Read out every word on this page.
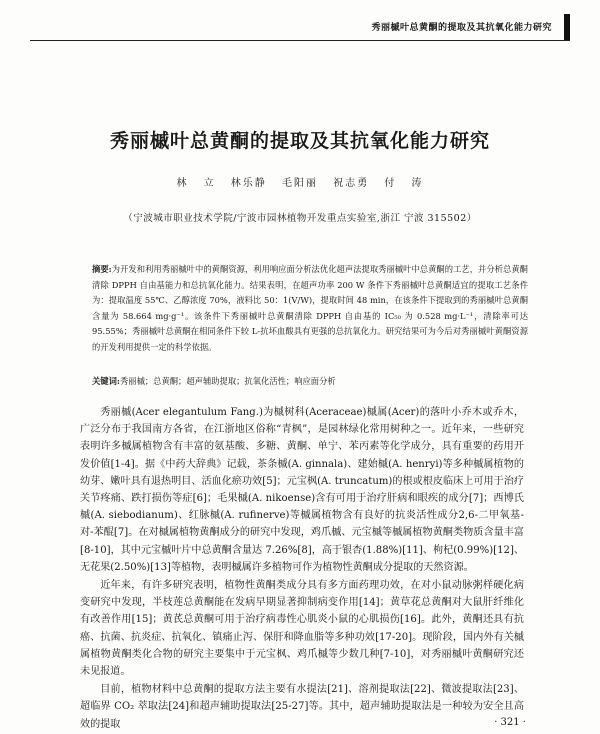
秀丽槭叶总黄酮的提取及其抗氧化能力研究
秀丽槭叶总黄酮的提取及其抗氧化能力研究
林 立 林乐静 毛阳丽 祝志勇 付 涛
（宁波城市职业技术学院/宁波市园林植物开发重点实验室,浙江 宁波 315502）
摘要:为开发和利用秀丽槭叶中的黄酮资源，利用响应面分析法优化超声法提取秀丽槭叶中总黄酮的工艺，并分析总黄酮清除 DPPH 自由基能力和总抗氧化能力。结果表明，在超声功率 200 W 条件下秀丽槭叶总黄酮适宜的提取工艺条件为：提取温度 55℃、乙醇浓度 70%，液料比 50：1(V/W)，提取时间 48 min，在该条件下提取到的秀丽槭叶总黄酮含量为 58.664 mg·g⁻¹。该条件下秀丽槭叶总黄酮清除 DPPH 自由基的 IC₅₀ 为 0.528 mg·L⁻¹，清除率可达 95.55%；秀丽槭叶总黄酮在相同条件下较 L-抗坏血酸具有更强的总抗氧化力。研究结果可为今后对秀丽槭叶黄酮资源的开发利用提供一定的科学依据。
关键词:秀丽槭；总黄酮；超声辅助提取；抗氧化活性；响应面分析

秀丽槭(Acer elegantulum Fang.)为槭树科(Aceraceae)槭属(Acer)的落叶小乔木或乔木，广泛分布于我国南方各省，在江浙地区俗称“青枫”，是园林绿化常用树种之一。近年来，一些研究表明许多槭属植物含有丰富的氨基酸、多糖、黄酮、单宁、苯丙素等化学成分，具有重要的药用开发价值[1-4]。据《中药大辞典》记载，茶条槭(A. ginnala)、建始槭(A. henryi)等多种槭属植物的幼芽、嫩叶具有退热明目、活血化瘀功效[5]；元宝枫(A. truncatum)的根或根皮临床上可用于治疗关节疼痛、跌打损伤等症[6]；毛果槭(A. nikoense)含有可用于治疗肝病和眼疾的成分[7]；西博氏槭(A. siebodianum)、红脉槭(A. rufinerve)等槭属植物含有良好的抗炎活性成分2,6-二甲氧基-对-苯醌[7]。在对槭属植物黄酮成分的研究中发现，鸡爪槭、元宝槭等槭属植物黄酮类物质含量丰富[8-10]，其中元宝槭叶片中总黄酮含量达 7.26%[8]，高于银杏(1.88%)[11]、枸杞(0.99%)[12]、无花果(2.50%)[13]等植物，表明槭属许多植物可作为植物性黄酮成分提取的天然资源。

近年来，有许多研究表明，植物性黄酮类成分具有多方面药理功效，在对小鼠动脉粥样硬化病变研究中发现，半枝莲总黄酮能在发病早期显著抑制病变作用[14]；黄草花总黄酮对大鼠肝纤维化有改善作用[15]；黄芪总黄酮可用于治疗病毒性心肌炎小鼠的心肌损伤[16]。此外，黄酮还具有抗癌、抗菌、抗炎症、抗氧化、镇痛止泻、保肝和降血脂等多种功效[17-20]。现阶段，国内外有关槭属植物黄酮类化合物的研究主要集中于元宝枫、鸡爪槭等少数几种[7-10]，对秀丽槭叶黄酮研究还未见报道。

目前，植物材料中总黄酮的提取方法主要有水提法[21]、溶剂提取法[22]、微波提取法[23]、超临界 CO₂ 萃取法[24]和超声辅助提取法[25-27]等。其中，超声辅助提取法是一种较为安全且高效的提取	· 321 ·
